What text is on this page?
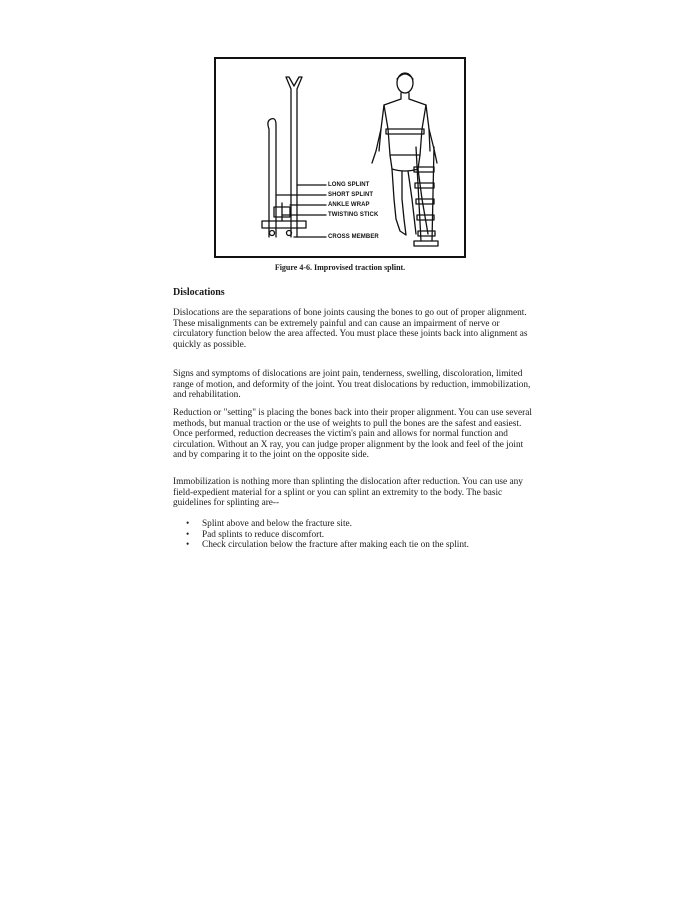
LONG SPLINT
SHORT SPLINT
ANKLE WRAP
TWISTING STICK
CROSS MEMBER
Figure 4-6. Improvised traction splint.
Dislocations

Dislocations are the separations of bone joints causing the bones to go out of proper alignment. These misalignments can be extremely painful and can cause an impairment of nerve or circulatory function below the area affected. You must place these joints back into alignment as quickly as possible.

Signs and symptoms of dislocations are joint pain, tenderness, swelling, discoloration, limited range of motion, and deformity of the joint. You treat dislocations by reduction, immobilization, and rehabilitation.

Reduction or "setting" is placing the bones back into their proper alignment. You can use several methods, but manual traction or the use of weights to pull the bones are the safest and easiest. Once performed, reduction decreases the victim's pain and allows for normal function and circulation. Without an X ray, you can judge proper alignment by the look and feel of the joint and by comparing it to the joint on the opposite side.

Immobilization is nothing more than splinting the dislocation after reduction. You can use any field-expedient material for a splint or you can splint an extremity to the body. The basic guidelines for splinting are--

• Splint above and below the fracture site.
• Pad splints to reduce discomfort.
• Check circulation below the fracture after making each tie on the splint.
